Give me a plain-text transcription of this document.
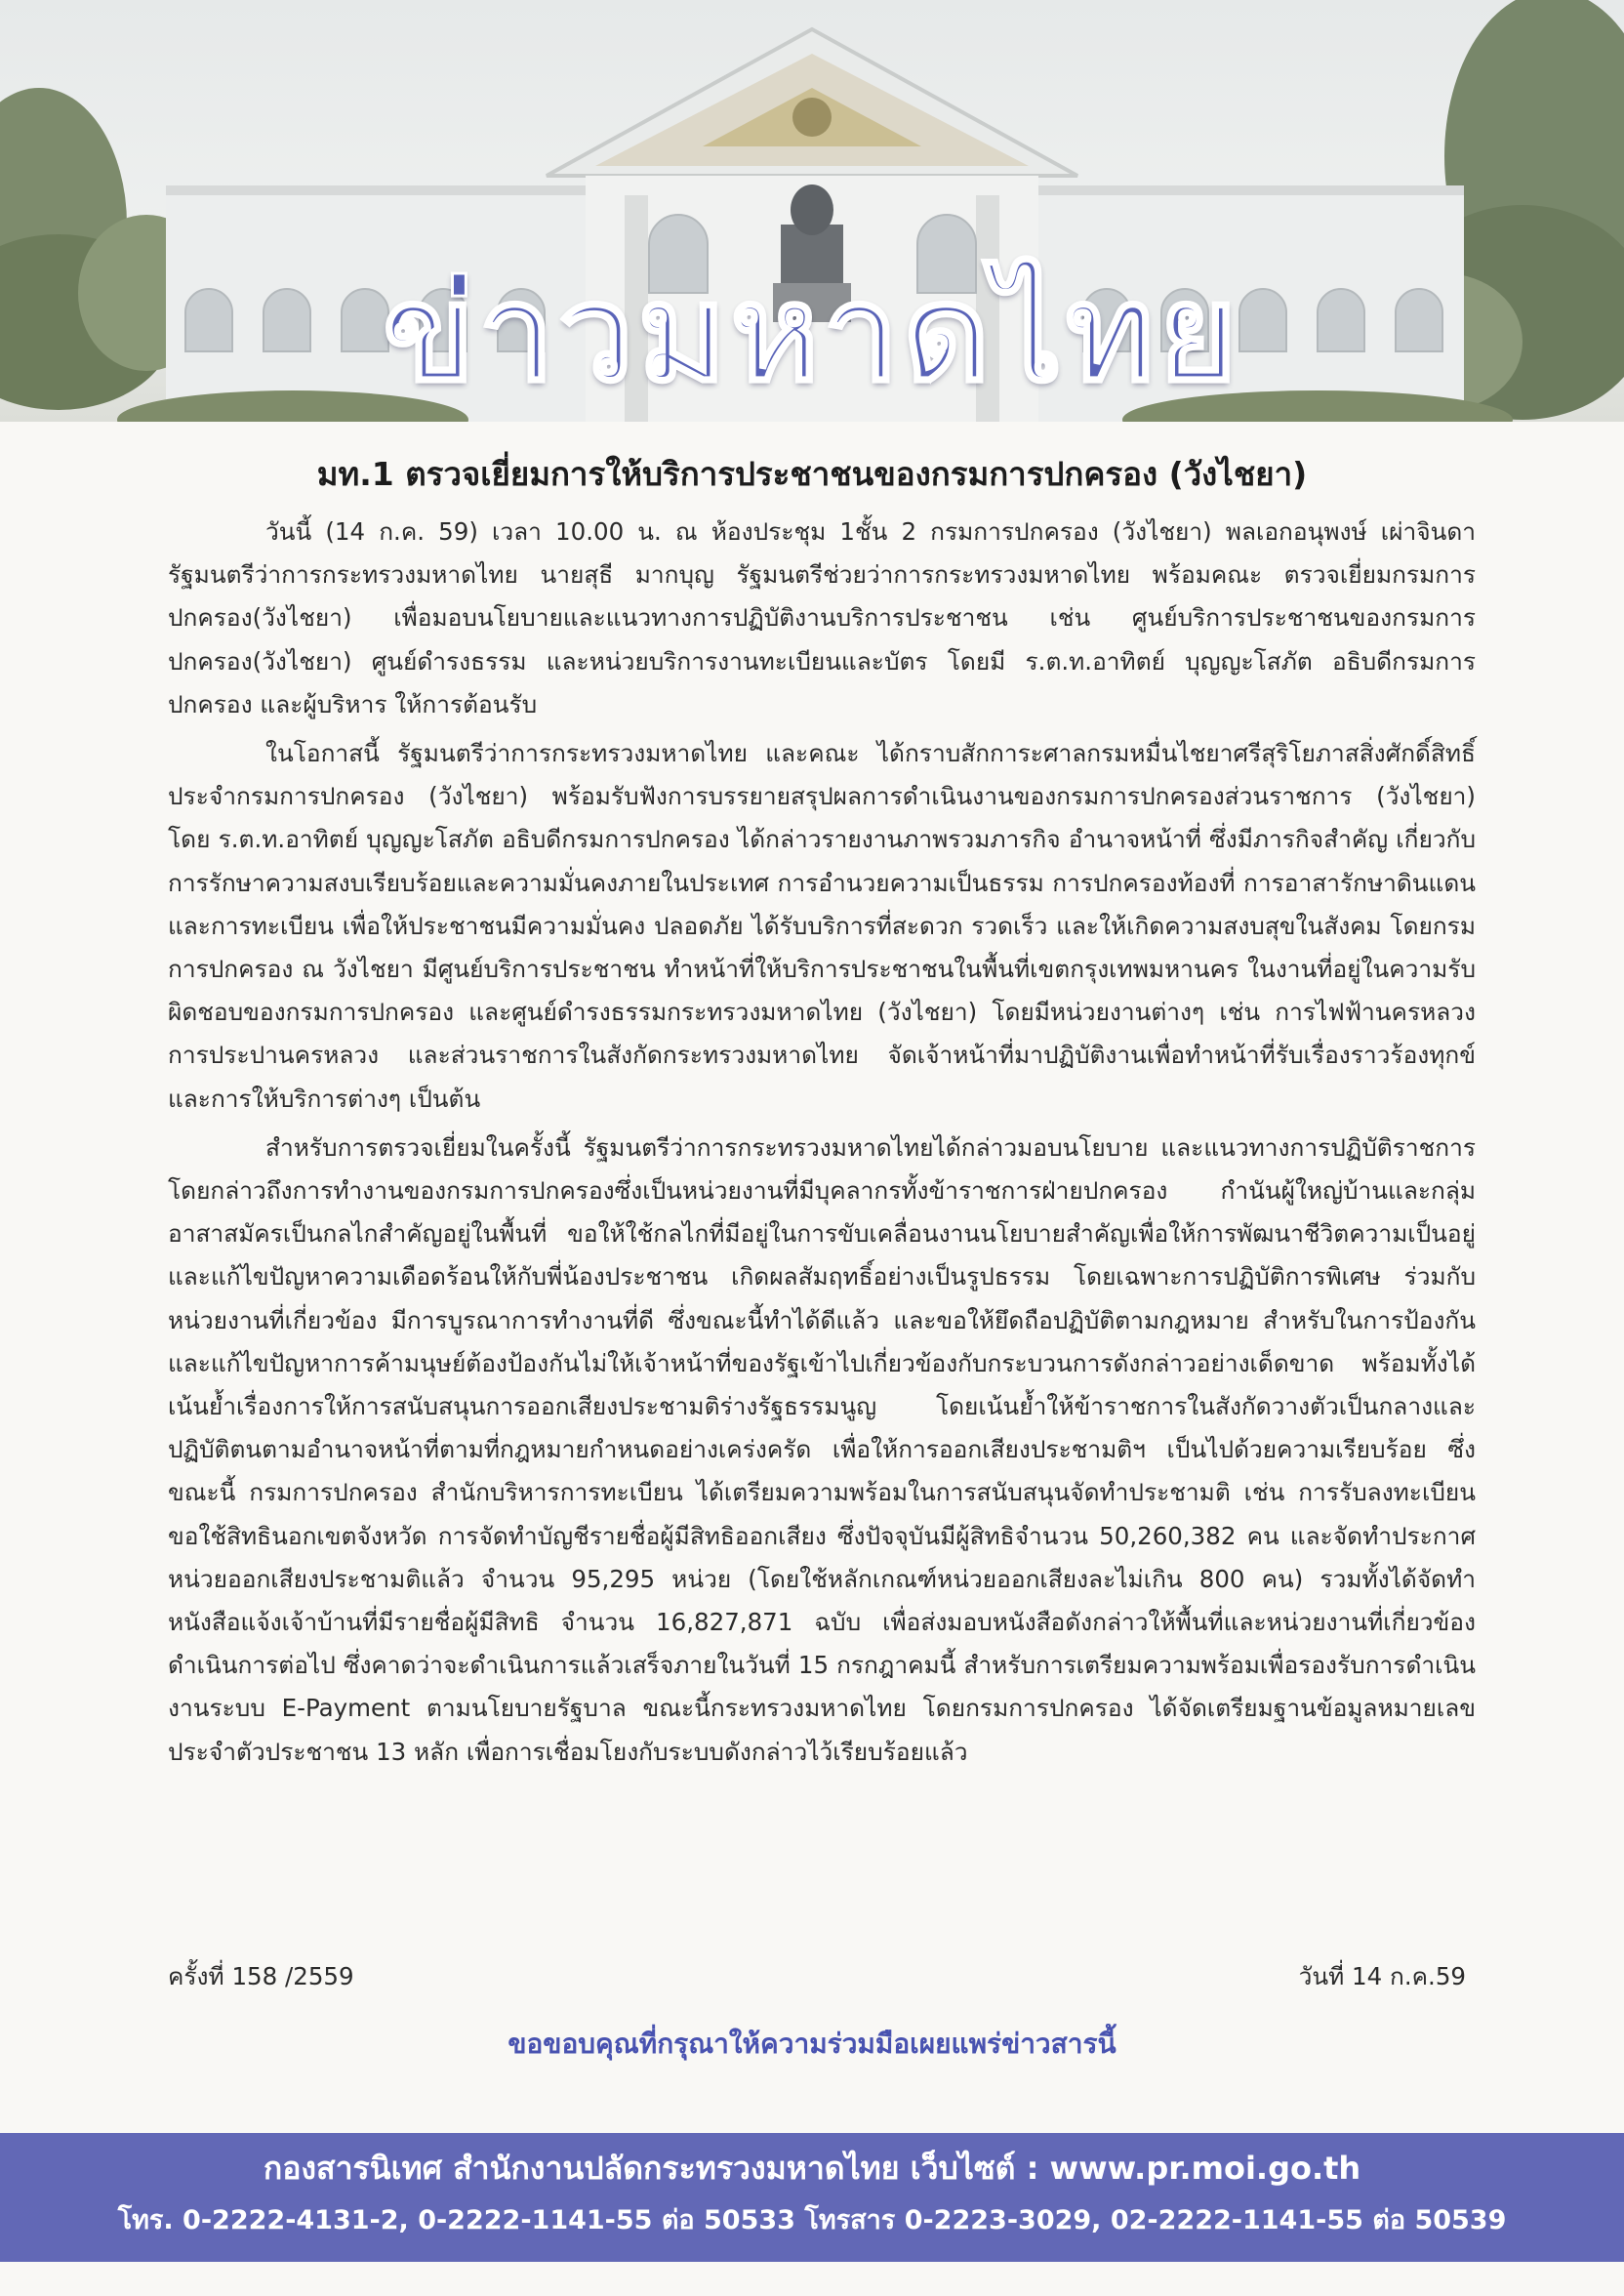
ข่าวมหาดไทย
มท.1 ตรวจเยี่ยมการให้บริการประชาชนของกรมการปกครอง (วังไชยา)

วันนี้ (14 ก.ค. 59) เวลา 10.00 น. ณ ห้องประชุม 1ชั้น 2 กรมการปกครอง (วังไชยา) พลเอกอนุพงษ์ เผ่าจินดา รัฐมนตรีว่าการกระทรวงมหาดไทย นายสุธี มากบุญ รัฐมนตรีช่วยว่าการกระทรวงมหาดไทย พร้อมคณะ ตรวจเยี่ยมกรมการปกครอง(วังไชยา) เพื่อมอบนโยบายและแนวทางการปฏิบัติงานบริการประชาชน เช่น ศูนย์บริการประชาชนของกรมการปกครอง(วังไชยา) ศูนย์ดำรงธรรม และหน่วยบริการงานทะเบียนและบัตร โดยมี ร.ต.ท.อาทิตย์ บุญญะโสภัต อธิบดีกรมการปกครอง และผู้บริหาร ให้การต้อนรับ

ในโอกาสนี้ รัฐมนตรีว่าการกระทรวงมหาดไทย และคณะ ได้กราบสักการะศาลกรมหมื่นไชยาศรีสุริโยภาสสิ่งศักดิ์สิทธิ์ประจำกรมการปกครอง (วังไชยา) พร้อมรับฟังการบรรยายสรุปผลการดำเนินงานของกรมการปกครองส่วนราชการ (วังไชยา) โดย ร.ต.ท.อาทิตย์ บุญญะโสภัต อธิบดีกรมการปกครอง ได้กล่าวรายงานภาพรวมภารกิจ อำนาจหน้าที่ ซึ่งมีภารกิจสำคัญ เกี่ยวกับการรักษาความสงบเรียบร้อยและความมั่นคงภายในประเทศ การอำนวยความเป็นธรรม การปกครองท้องที่ การอาสารักษาดินแดน และการทะเบียน เพื่อให้ประชาชนมีความมั่นคง ปลอดภัย ได้รับบริการที่สะดวก รวดเร็ว และให้เกิดความสงบสุขในสังคม โดยกรมการปกครอง ณ วังไชยา มีศูนย์บริการประชาชน ทำหน้าที่ให้บริการประชาชนในพื้นที่เขตกรุงเทพมหานคร ในงานที่อยู่ในความรับผิดชอบของกรมการปกครอง และศูนย์ดำรงธรรมกระทรวงมหาดไทย (วังไชยา) โดยมีหน่วยงานต่างๆ เช่น การไฟฟ้านครหลวง การประปานครหลวง และส่วนราชการในสังกัดกระทรวงมหาดไทย จัดเจ้าหน้าที่มาปฏิบัติงานเพื่อทำหน้าที่รับเรื่องราวร้องทุกข์ และการให้บริการต่างๆ เป็นต้น

สำหรับการตรวจเยี่ยมในครั้งนี้ รัฐมนตรีว่าการกระทรวงมหาดไทยได้กล่าวมอบนโยบาย และแนวทางการปฏิบัติราชการ โดยกล่าวถึงการทำงานของกรมการปกครองซึ่งเป็นหน่วยงานที่มีบุคลากรทั้งข้าราชการฝ่ายปกครอง กำนันผู้ใหญ่บ้านและกลุ่มอาสาสมัครเป็นกลไกสำคัญอยู่ในพื้นที่ ขอให้ใช้กลไกที่มีอยู่ในการขับเคลื่อนงานนโยบายสำคัญเพื่อให้การพัฒนาชีวิตความเป็นอยู่และแก้ไขปัญหาความเดือดร้อนให้กับพี่น้องประชาชน เกิดผลสัมฤทธิ์อย่างเป็นรูปธรรม โดยเฉพาะการปฏิบัติการพิเศษ ร่วมกับหน่วยงานที่เกี่ยวข้อง มีการบูรณาการทำงานที่ดี ซึ่งขณะนี้ทำได้ดีแล้ว และขอให้ยึดถือปฏิบัติตามกฎหมาย สำหรับในการป้องกันและแก้ไขปัญหาการค้ามนุษย์ต้องป้องกันไม่ให้เจ้าหน้าที่ของรัฐเข้าไปเกี่ยวข้องกับกระบวนการดังกล่าวอย่างเด็ดขาด พร้อมทั้งได้เน้นย้ำเรื่องการให้การสนับสนุนการออกเสียงประชามติร่างรัฐธรรมนูญ โดยเน้นย้ำให้ข้าราชการในสังกัดวางตัวเป็นกลางและปฏิบัติตนตามอำนาจหน้าที่ตามที่กฎหมายกำหนดอย่างเคร่งครัด เพื่อให้การออกเสียงประชามติฯ เป็นไปด้วยความเรียบร้อย ซึ่งขณะนี้ กรมการปกครอง สำนักบริหารการทะเบียน ได้เตรียมความพร้อมในการสนับสนุนจัดทำประชามติ เช่น การรับลงทะเบียนขอใช้สิทธินอกเขตจังหวัด การจัดทำบัญชีรายชื่อผู้มีสิทธิออกเสียง ซึ่งปัจจุบันมีผู้สิทธิจำนวน 50,260,382 คน และจัดทำประกาศหน่วยออกเสียงประชามติแล้ว จำนวน 95,295 หน่วย (โดยใช้หลักเกณฑ์หน่วยออกเสียงละไม่เกิน 800 คน) รวมทั้งได้จัดทำหนังสือแจ้งเจ้าบ้านที่มีรายชื่อผู้มีสิทธิ จำนวน 16,827,871 ฉบับ เพื่อส่งมอบหนังสือดังกล่าวให้พื้นที่และหน่วยงานที่เกี่ยวข้องดำเนินการต่อไป ซึ่งคาดว่าจะดำเนินการแล้วเสร็จภายในวันที่ 15 กรกฎาคมนี้ สำหรับการเตรียมความพร้อมเพื่อรองรับการดำเนินงานระบบ E-Payment ตามนโยบายรัฐบาล ขณะนี้กระทรวงมหาดไทย โดยกรมการปกครอง ได้จัดเตรียมฐานข้อมูลหมายเลขประจำตัวประชาชน 13 หลัก เพื่อการเชื่อมโยงกับระบบดังกล่าวไว้เรียบร้อยแล้ว

ครั้งที่ 158 /2559	วันที่ 14 ก.ค.59
ขอขอบคุณที่กรุณาให้ความร่วมมือเผยแพร่ข่าวสารนี้
กองสารนิเทศ สำนักงานปลัดกระทรวงมหาดไทย เว็บไซต์ : www.pr.moi.go.th
โทร. 0-2222-4131-2, 0-2222-1141-55 ต่อ 50533 โทรสาร 0-2223-3029, 02-2222-1141-55 ต่อ 50539
